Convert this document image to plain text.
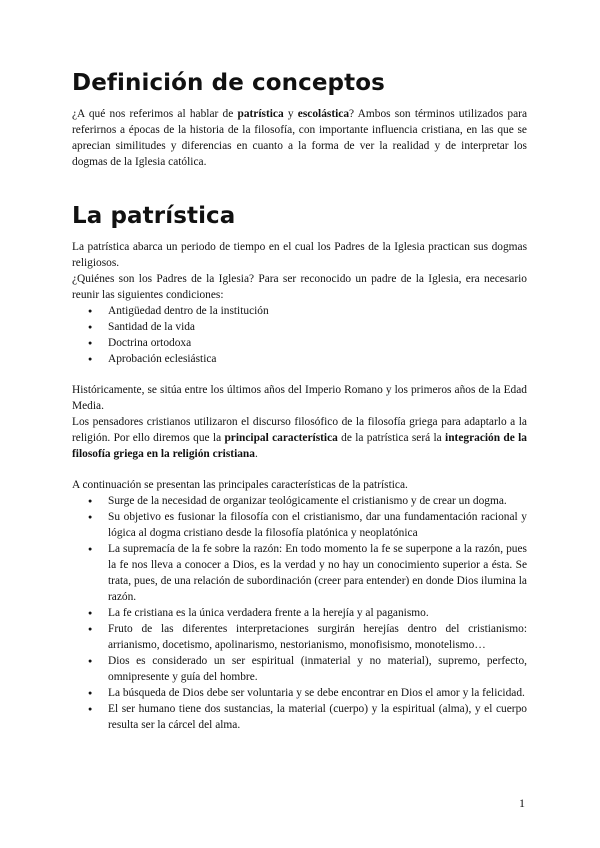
Definición de conceptos

¿A qué nos referimos al hablar de patrística y escolástica? Ambos son términos utilizados para referirnos a épocas de la historia de la filosofía, con importante influencia cristiana, en las que se aprecian similitudes y diferencias en cuanto a la forma de ver la realidad y de interpretar los dogmas de la Iglesia católica.

La patrística

La patrística abarca un periodo de tiempo en el cual los Padres de la Iglesia practican sus dogmas religiosos.

¿Quiénes son los Padres de la Iglesia? Para ser reconocido un padre de la Iglesia, era necesario reunir las siguientes condiciones:

● Antigüedad dentro de la institución
● Santidad de la vida
● Doctrina ortodoxa
● Aprobación eclesiástica

Históricamente, se sitúa entre los últimos años del Imperio Romano y los primeros años de la Edad Media.

Los pensadores cristianos utilizaron el discurso filosófico de la filosofía griega para adaptarlo a la religión. Por ello diremos que la principal característica de la patrística será la integración de la filosofía griega en la religión cristiana.

A continuación se presentan las principales características de la patrística.

● Surge de la necesidad de organizar teológicamente el cristianismo y de crear un dogma.
● Su objetivo es fusionar la filosofía con el cristianismo, dar una fundamentación racional y lógica al dogma cristiano desde la filosofía platónica y neoplatónica
● La supremacía de la fe sobre la razón: En todo momento la fe se superpone a la razón, pues la fe nos lleva a conocer a Dios, es la verdad y no hay un conocimiento superior a ésta. Se trata, pues, de una relación de subordinación (creer para entender) en donde Dios ilumina la razón.
● La fe cristiana es la única verdadera frente a la herejía y al paganismo.
● Fruto de las diferentes interpretaciones surgirán herejías dentro del cristianismo: arrianismo, docetismo, apolinarismo, nestorianismo, monofisismo, monotelismo…
● Dios es considerado un ser espiritual (inmaterial y no material), supremo, perfecto, omnipresente y guía del hombre.
● La búsqueda de Dios debe ser voluntaria y se debe encontrar en Dios el amor y la felicidad.
● El ser humano tiene dos sustancias, la material (cuerpo) y la espiritual (alma), y el cuerpo resulta ser la cárcel del alma.
1
